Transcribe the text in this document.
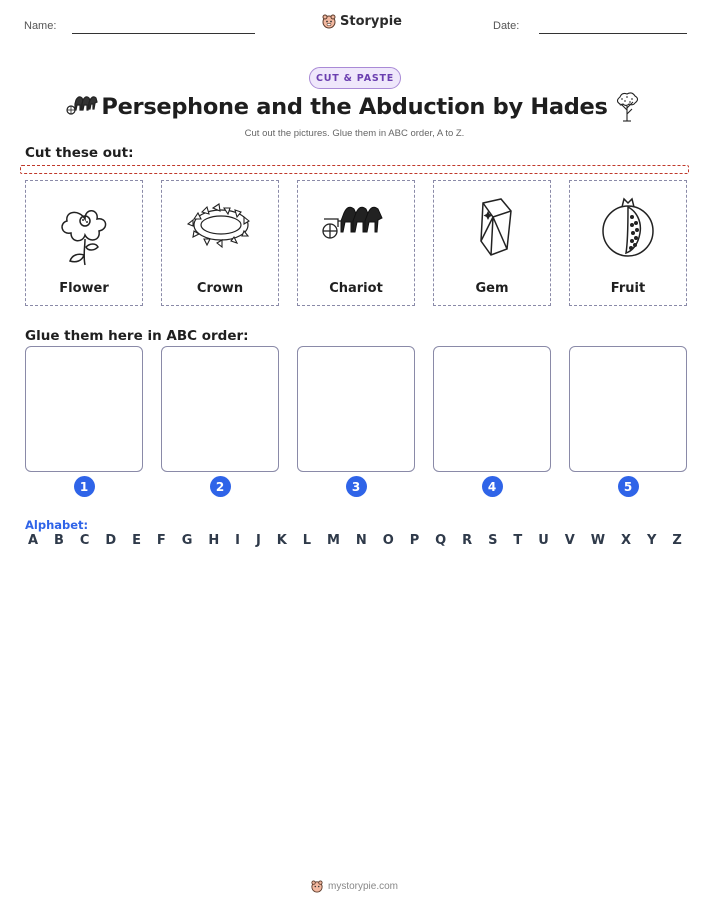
Name:	Storypie	Date:
CUT & PASTE
Persephone and the Abduction by Hades
Cut out the pictures. Glue them in ABC order, A to Z.
Cut these out:
Flower	Crown	Chariot	Gem	Fruit
Glue them here in ABC order:
1	2	3	4	5
Alphabet:
A B C D E F G H I J K L M N O P Q R S T U V W X Y Z
mystorypie.com
